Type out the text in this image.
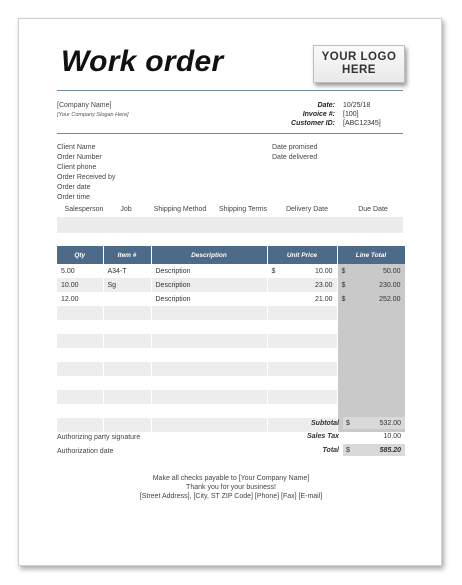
Work order	YOUR LOGO
HERE
[Company Name]
[Your Company Slogan Here]
Date: 10/25/18
Invoice #: [100]
Customer ID: [ABC12345]
Client Name
Order Number
Client phone
Order Received by
Order date
Order time
Date promised
Date delivered
Salesperson	Job	Shipping Method	Shipping Terms	Delivery Date	Due Date
Qty	Item #	Description	Unit Price	Line Total
5.00	A34-T	Description	$ 10.00	$ 50.00

10.00	Sg	Description	23.00	$ 230.00

12.00		Description	21.00	$ 252.00

Subtotal $	532.00
Sales Tax	10.00
Total $	585.20
Authorizing party signature
Authorization date
Make all checks payable to [Your Company Name]
Thank you for your business!
[Street Address], [City, ST ZIP Code] [Phone] [Fax] [E-mail]
